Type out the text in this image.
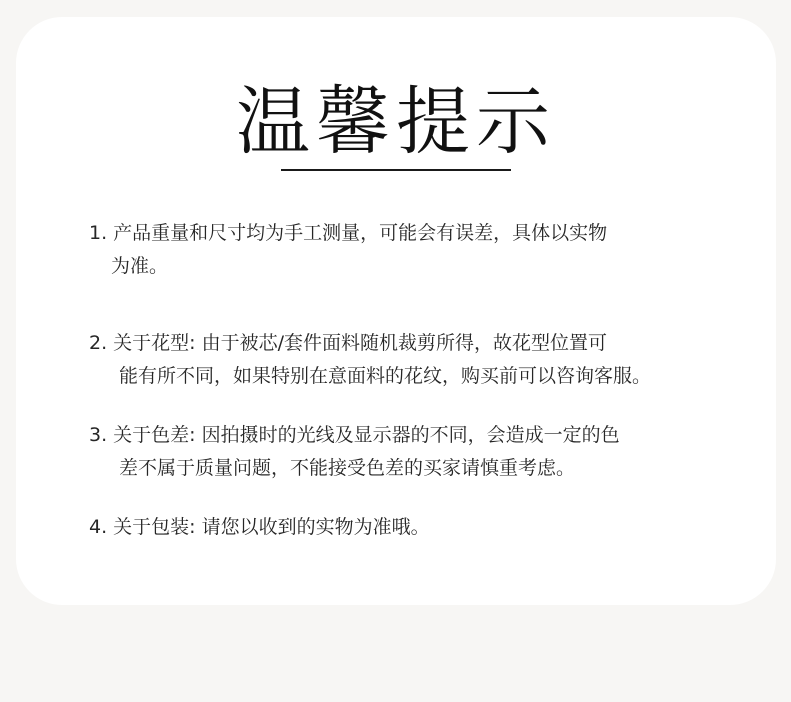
温馨提示
1. 产品重量和尺寸均为手工测量，可能会有误差，具体以实物
为准。
2. 关于花型: 由于被芯/套件面料随机裁剪所得，故花型位置可
能有所不同，如果特别在意面料的花纹，购买前可以咨询客服。
3. 关于色差: 因拍摄时的光线及显示器的不同，会造成一定的色
差不属于质量问题，不能接受色差的买家请慎重考虑。
4. 关于包装: 请您以收到的实物为准哦。
